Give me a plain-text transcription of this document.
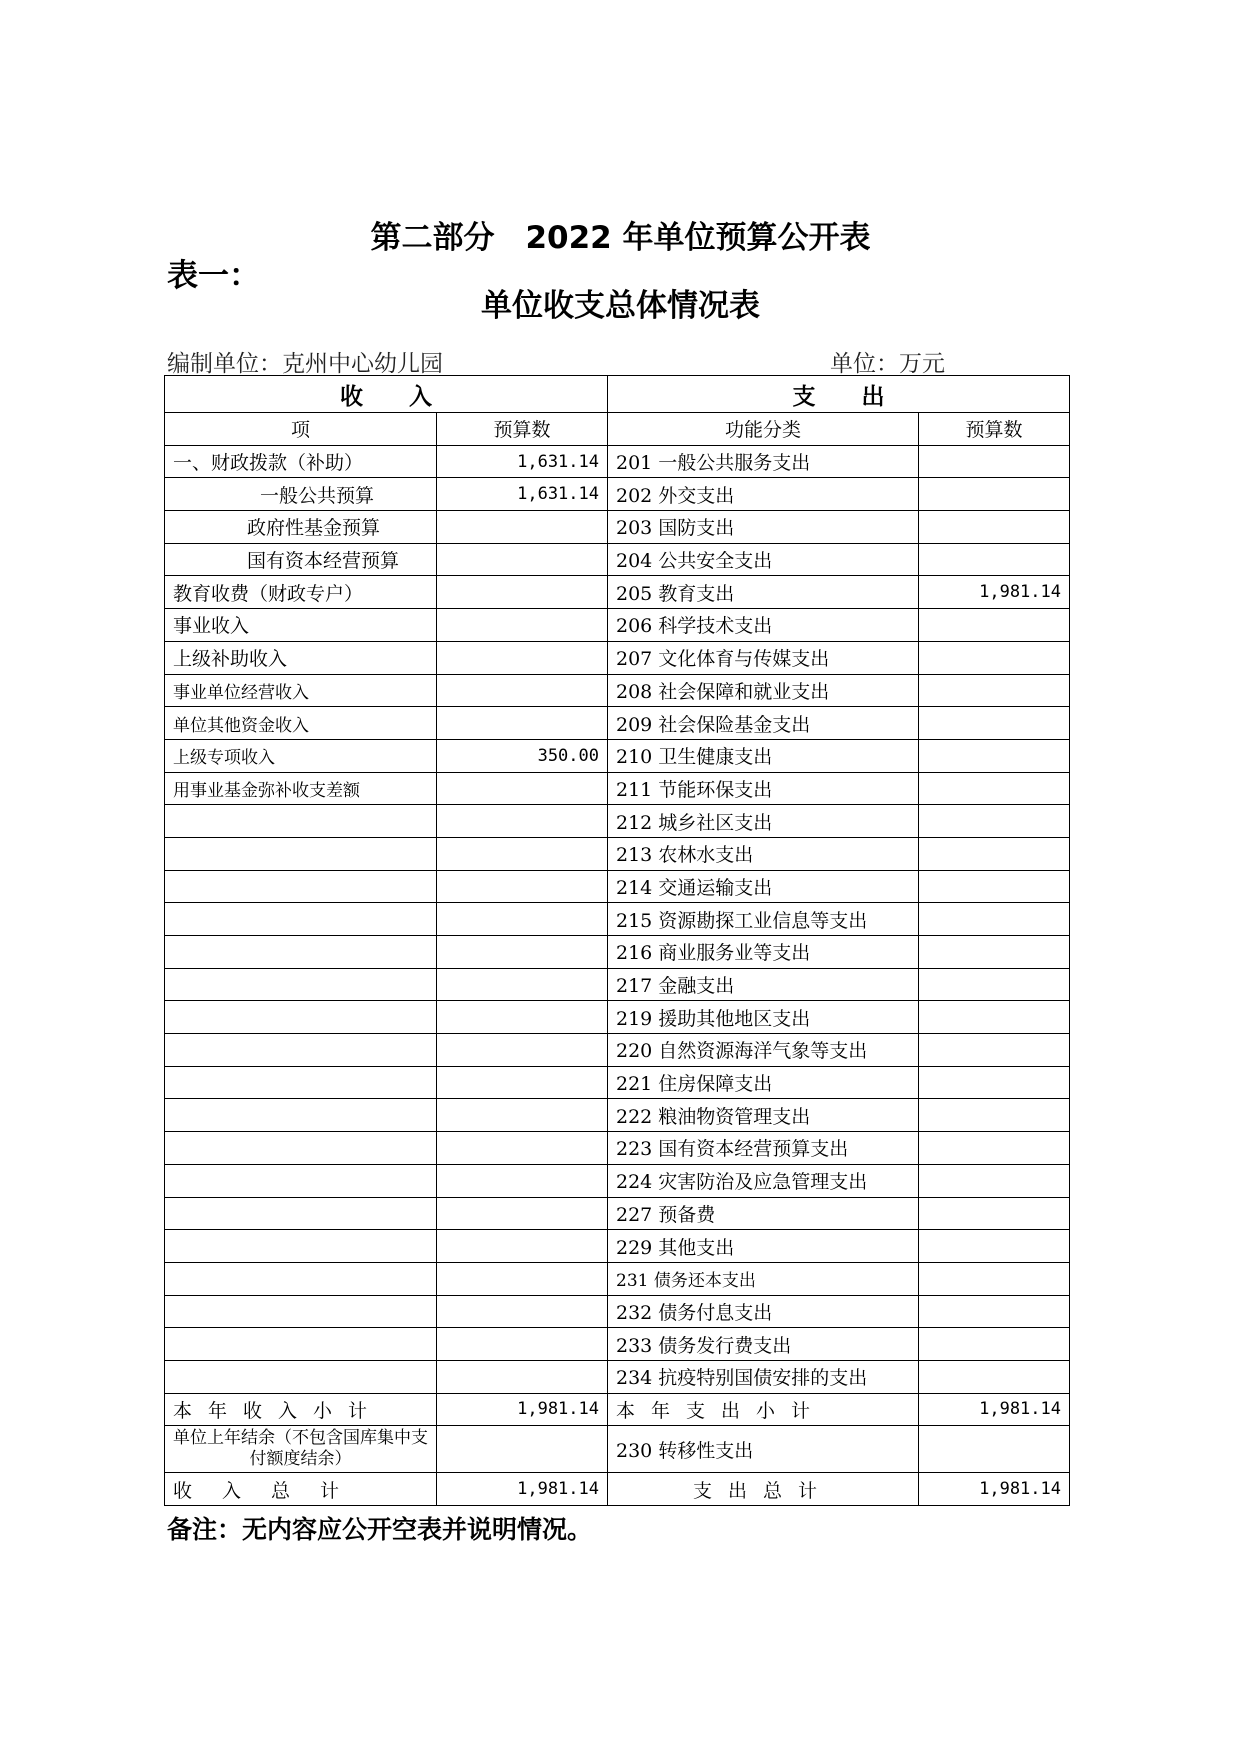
第二部分　2022 年单位预算公开表
表一：
单位收支总体情况表
编制单位：克州中心幼儿园	单位：万元
收　　入		支　　出	
项	预算数	功能分类	预算数
一、财政拨款（补助）	1,631.14	201 一般公共服务支出	
一般公共预算	1,631.14	202 外交支出	
政府性基金预算		203 国防支出	
国有资本经营预算		204 公共安全支出	
教育收费（财政专户）		205 教育支出	1,981.14
事业收入		206 科学技术支出	
上级补助收入		207 文化体育与传媒支出	
事业单位经营收入		208 社会保障和就业支出	
单位其他资金收入		209 社会保险基金支出	
上级专项收入	350.00	210 卫生健康支出	
用事业基金弥补收支差额		211 节能环保支出	
		212 城乡社区支出	
		213 农林水支出	
		214 交通运输支出	
		215 资源勘探工业信息等支出	
		216 商业服务业等支出	
		217 金融支出	
		219 援助其他地区支出	
		220 自然资源海洋气象等支出	
		221 住房保障支出	
		222 粮油物资管理支出	
		223 国有资本经营预算支出	
		224 灾害防治及应急管理支出	
		227 预备费	
		229 其他支出	
		231 债务还本支出	
		232 债务付息支出	
		233 债务发行费支出	
		234 抗疫特别国债安排的支出	
本年收入小计	1,981.14	本年支出小计	1,981.14
单位上年结余（不包含国库集中支付额度结余）		230 转移性支出	
收入总计	1,981.14	支出总计	1,981.14
备注：无内容应公开空表并说明情况。
